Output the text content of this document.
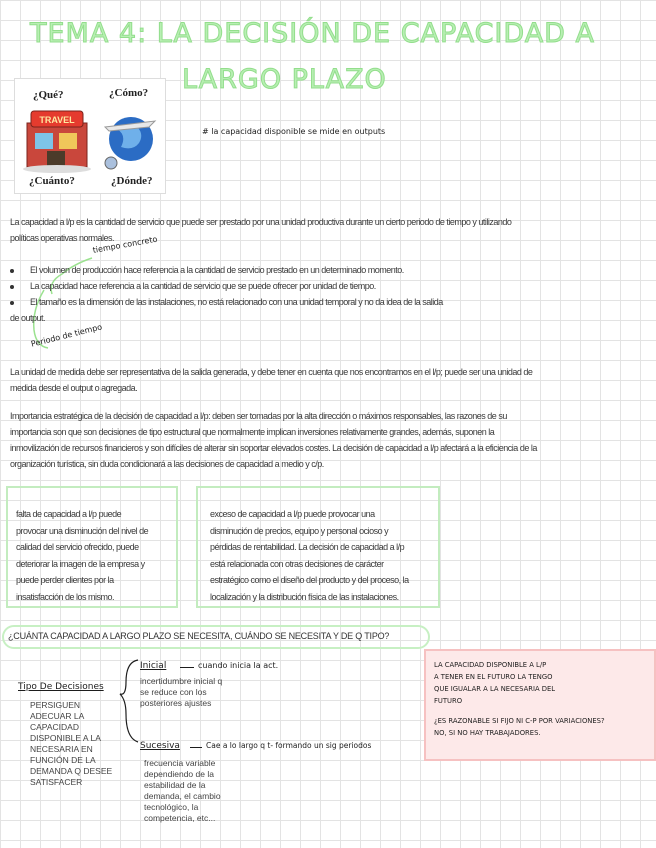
TEMA 4: LA DECISIÓN DE CAPACIDAD A
LARGO PLAZO
¿Qué?	¿Cómo?
¿Cuánto?	¿Dónde?
TRAVEL
# la capacidad disponible se mide en outputs
La capacidad a l/p es la cantidad de servicio que puede ser prestado por una unidad productiva durante un cierto periodo de tiempo y utilizando
políticas operativas normales.
tiempo concreto
El volumen de producción hace referencia a la cantidad de servicio prestado en un determinado momento.
La capacidad hace referencia a la cantidad de servicio que se puede ofrecer por unidad de tiempo.
El tamaño es la dimensión de las instalaciones, no está relacionado con una unidad temporal y no da idea de la salida
de output.
Periodo de tiempo
La unidad de medida debe ser representativa de la salida generada, y debe tener en cuenta que nos encontramos en el l/p; puede ser una unidad de
medida desde el output o agregada.
Importancia estratégica de la decisión de capacidad a l/p: deben ser tomadas por la alta dirección o máximos responsables, las razones de su
importancia son que son decisiones de tipo estructural que normalmente implican inversiones relativamente grandes, además, suponen la
inmovilización de recursos financieros y son difíciles de alterar sin soportar elevados costes. La decisión de capacidad a l/p afectará a la eficiencia de la
organización turística, sin duda condicionará a las decisiones de capacidad a medio y c/p.
falta de capacidad a l/p puede
provocar una disminución del nivel de
calidad del servicio ofrecido, puede
deteriorar la imagen de la empresa y
puede perder clientes por la
insatisfacción de los mismo.
exceso de capacidad a l/p puede provocar una
disminución de precios, equipo y personal ocioso y
pérdidas de rentabilidad. La decisión de capacidad a l/p
está relacionada con otras decisiones de carácter
estratégico como el diseño del producto y del proceso, la
localización y la distribución física de las instalaciones.
¿CUÁNTA CAPACIDAD A LARGO PLAZO SE NECESITA, CUÁNDO SE NECESITA Y DE Q TIPO?
Tipo De Decisiones
PERSIGUEN
ADECUAR LA
CAPACIDAD
DISPONIBLE A LA
NECESARIA EN
FUNCIÓN DE LA
DEMANDA Q DESEE
SATISFACER
Inicial	cuando inicia la act.
incertidumbre inicial q
se reduce con los
posteriores ajustes
Sucesiva	Cae a lo largo q t- formando un sig periodos
frecuencia variable
dependiendo de la
estabilidad de la
demanda, el cambio
tecnológico, la
competencia, etc...
LA CAPACIDAD DISPONIBLE A L/P
A TENER EN EL FUTURO LA TENGO
QUE IGUALAR A LA NECESARIA DEL
FUTURO
¿ES RAZONABLE SI FIJO NI C-P POR VARIACIONES?
NO, SI NO HAY TRABAJADORES.
